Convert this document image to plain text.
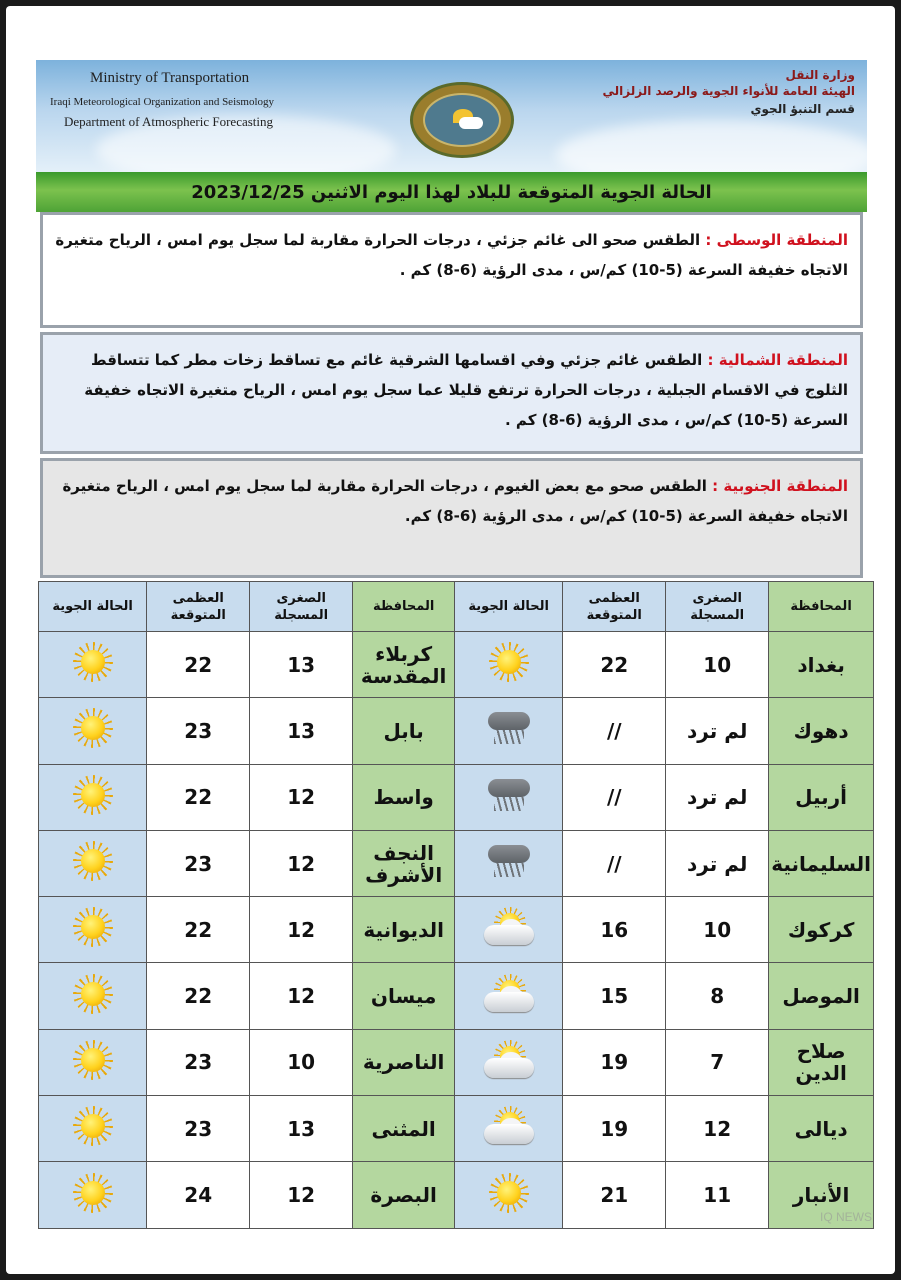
Ministry of Transportation
Iraqi Meteorological Organization and Seismology
Department of Atmospheric Forecasting
وزارة النقل
الهيئة العامة للأنواء الجوية والرصد الزلزالي
قسم التنبؤ الجوي
الحالة الجوية المتوقعة للبلاد لهذا اليوم الاثنين 2023/12/25
المنطقة الوسطى : الطقس صحو الى غائم جزئي ، درجات الحرارة مقاربة لما سجل يوم امس ، الرياح متغيرة الاتجاه خفيفة السرعة (5-10) كم/س ، مدى الرؤية (6-8) كم .
المنطقة الشمالية : الطقس غائم جزئي وفي اقسامها الشرقية غائم مع تساقط زخات مطر كما تتساقط الثلوج في الاقسام الجبلية ، درجات الحرارة ترتفع قليلا عما سجل يوم امس ، الرياح متغيرة الاتجاه خفيفة السرعة (5-10) كم/س ، مدى الرؤية (6-8) كم .
المنطقة الجنوبية : الطقس صحو مع بعض الغيوم ، درجات الحرارة مقاربة لما سجل يوم امس ، الرياح متغيرة الاتجاه خفيفة السرعة (5-10) كم/س ، مدى الرؤية (6-8) كم.
المحافظة	الصغرى المسجلة	العظمى المتوقعة	الحالة الجوية	المحافظة	الصغرى المسجلة	العظمى المتوقعة	الحالة الجوية
بغداد	10	22		كربلاء المقدسة	13	22	

دهوك	لم ترد	//		بابل	13	23	

أربيل	لم ترد	//		واسط	12	22	

السليمانية	لم ترد	//		النجف الأشرف	12	23	

كركوك	10	16		الديوانية	12	22	

الموصل	8	15		ميسان	12	22	

صلاح الدين	7	19		الناصرية	10	23	

ديالى	12	19		المثنى	13	23	

الأنبار	11	21		البصرة	12	24	
IQ NEWS
